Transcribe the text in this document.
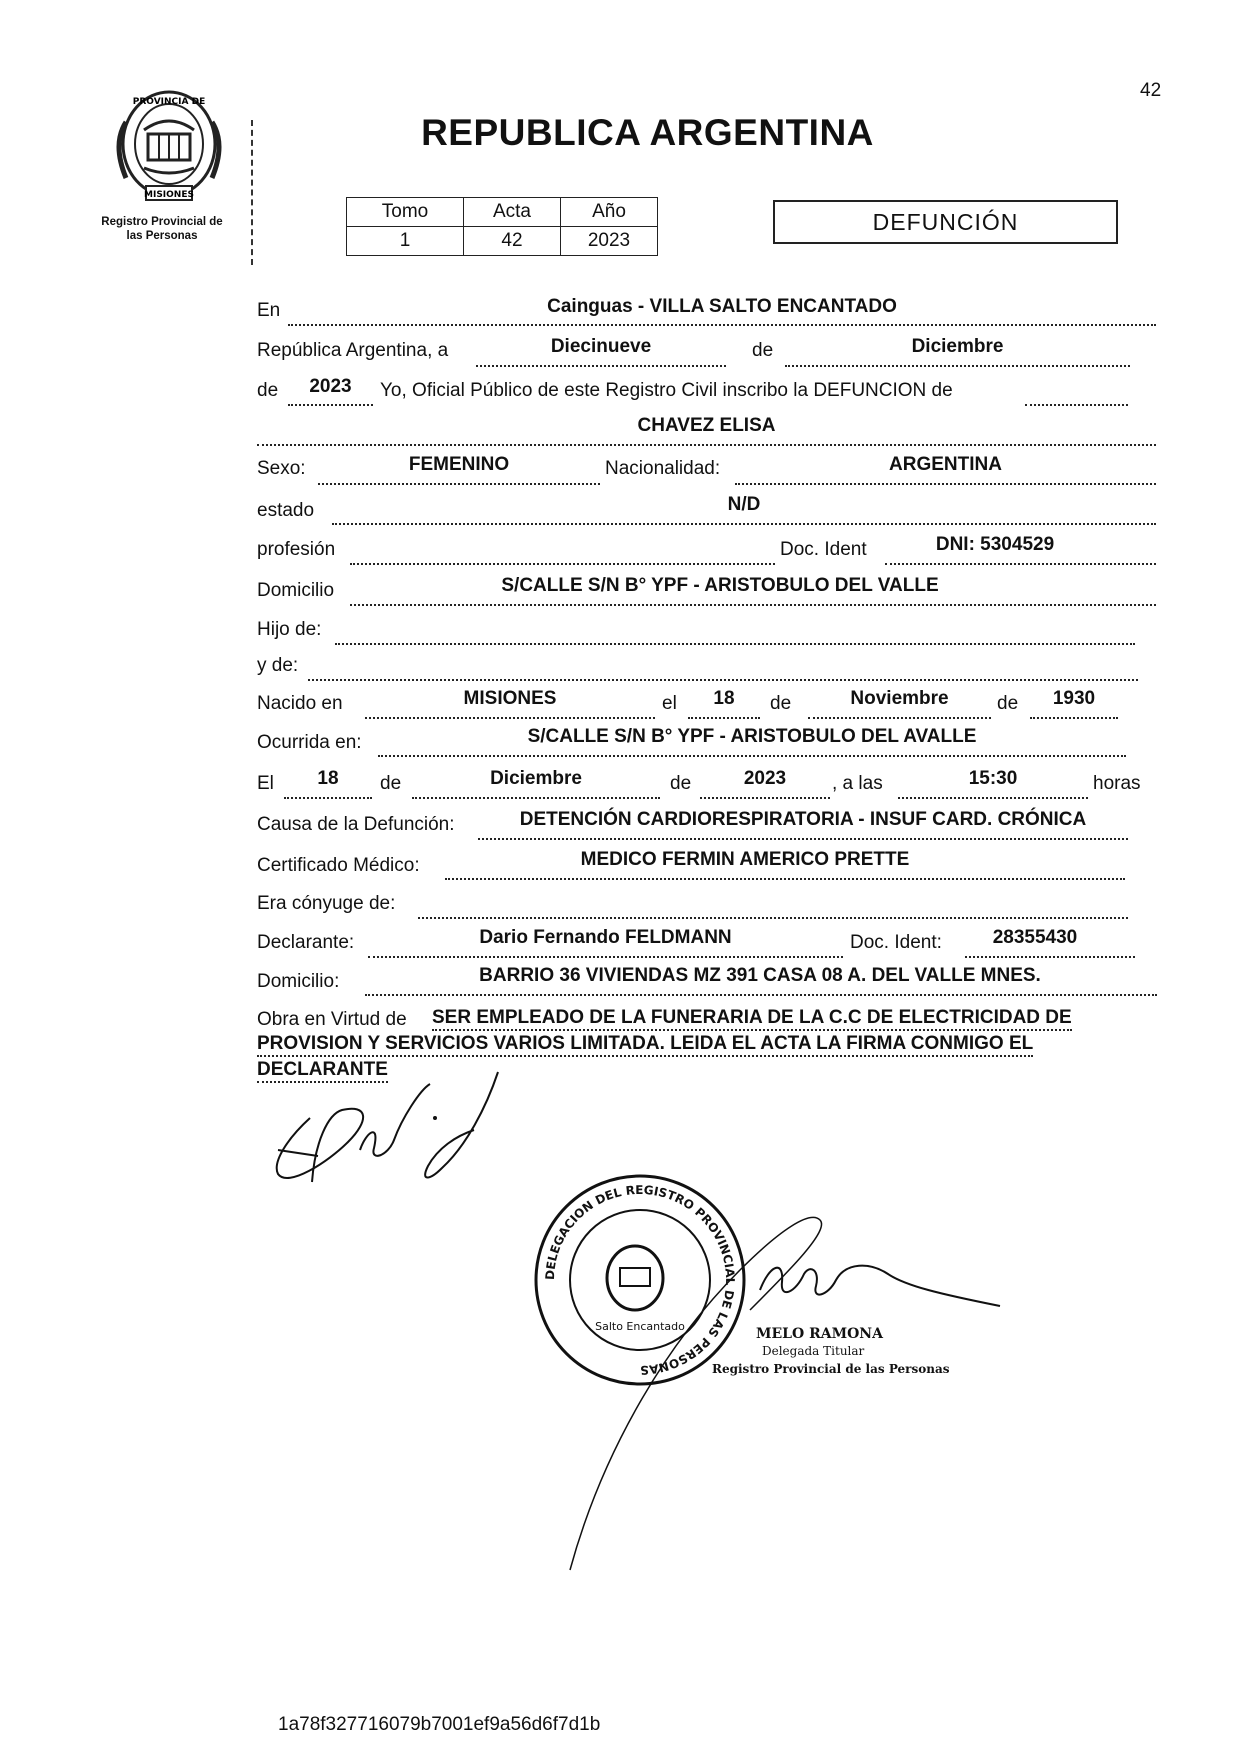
42
PROVINCIA DE
MISIONES
Registro Provincial de
las Personas
REPUBLICA ARGENTINA
Tomo	Acta	Año
1	42	2023
DEFUNCIÓN
En	Cainguas - VILLA SALTO ENCANTADO
República Argentina, a	Diecinueve	de	Diciembre
de	2023	Yo, Oficial Público de este Registro Civil inscribo la DEFUNCION de
CHAVEZ ELISA
Sexo:	FEMENINO	Nacionalidad:	ARGENTINA
estado	N/D
profesión	Doc. Ident	DNI: 5304529
Domicilio	S/CALLE S/N B° YPF - ARISTOBULO DEL VALLE
Hijo de:
y de:
Nacido en	MISIONES	el	18	de	Noviembre	de	1930
Ocurrida en:	S/CALLE S/N B° YPF - ARISTOBULO DEL AVALLE
El	18	de	Diciembre	de	2023	, a las	15:30	horas
Causa de la Defunción:	DETENCIÓN CARDIORESPIRATORIA - INSUF CARD. CRÓNICA
Certificado Médico:	MEDICO FERMIN AMERICO PRETTE
Era cónyuge de:
Declarante:	Dario Fernando FELDMANN	Doc. Ident:	28355430
Domicilio:	BARRIO 36 VIVIENDAS MZ 391 CASA 08 A. DEL VALLE MNES.
Obra en Virtud de SER EMPLEADO DE LA FUNERARIA DE LA C.C DE ELECTRICIDAD DE
PROVISION Y SERVICIOS VARIOS LIMITADA. LEIDA EL ACTA LA FIRMA CONMIGO EL
DECLARANTE
DELEGACION DEL REGISTRO PROVINCIAL DE LAS PERSONAS
Salto Encantado	MELO RAMONA
Delegada Titular
Registro Provincial de las Personas
1a78f327716079b7001ef9a56d6f7d1b
